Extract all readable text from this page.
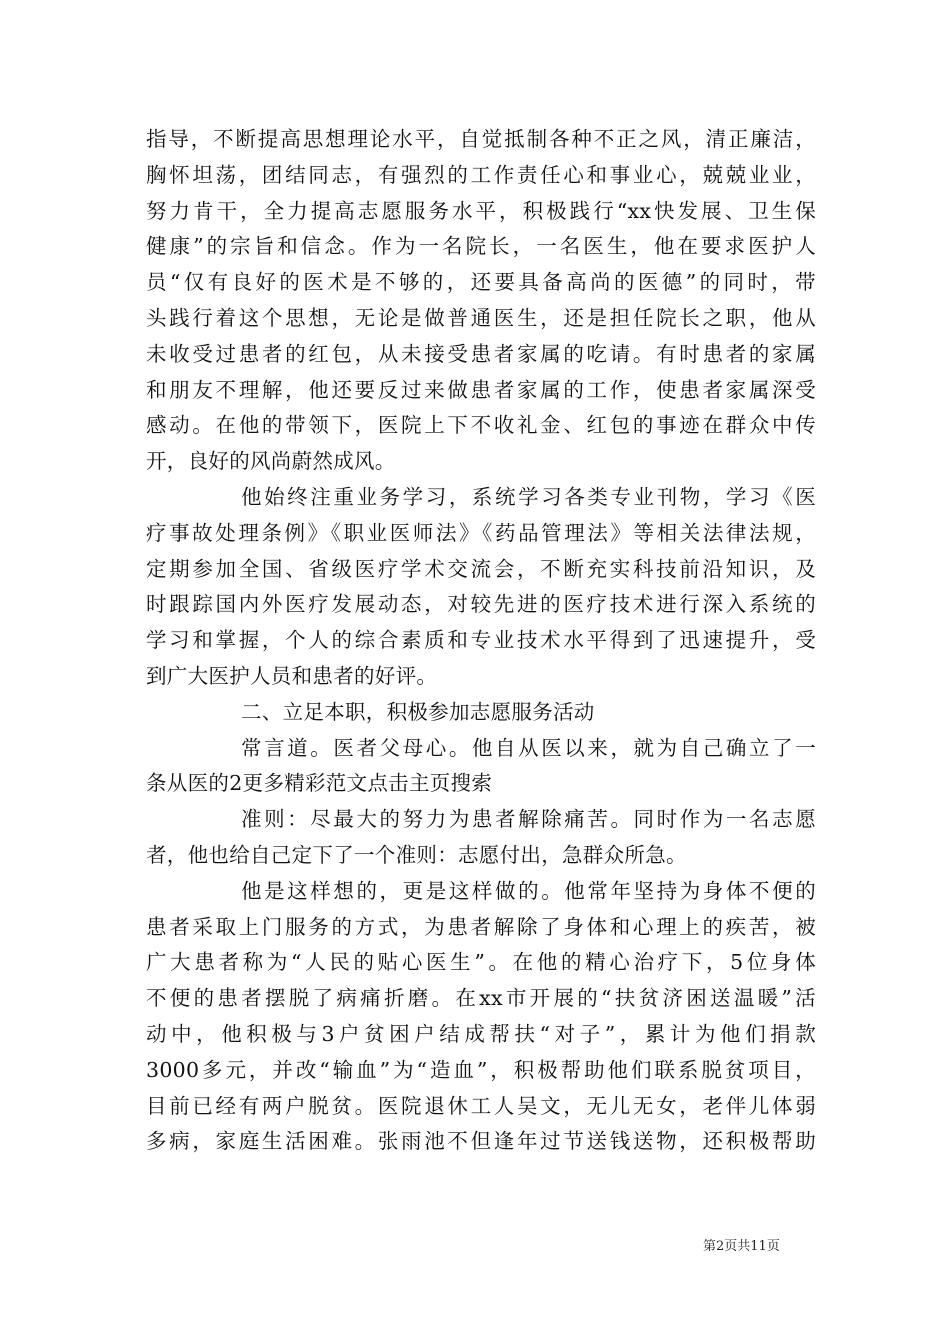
指导，不断提高思想理论水平，自觉抵制各种不正之风，清正廉洁，
胸怀坦荡，团结同志，有强烈的工作责任心和事业心，兢兢业业，
努力肯干，全力提高志愿服务水平，积极践行“xx快发展、卫生保
健康”的宗旨和信念。作为一名院长，一名医生，他在要求医护人
员“仅有良好的医术是不够的，还要具备高尚的医德”的同时，带
头践行着这个思想，无论是做普通医生，还是担任院长之职，他从
未收受过患者的红包，从未接受患者家属的吃请。有时患者的家属
和朋友不理解，他还要反过来做患者家属的工作，使患者家属深受
感动。在他的带领下，医院上下不收礼金、红包的事迹在群众中传
开，良好的风尚蔚然成风。

他始终注重业务学习，系统学习各类专业刊物，学习《医
疗事故处理条例》《职业医师法》《药品管理法》等相关法律法规，
定期参加全国、省级医疗学术交流会，不断充实科技前沿知识，及
时跟踪国内外医疗发展动态，对较先进的医疗技术进行深入系统的
学习和掌握，个人的综合素质和专业技术水平得到了迅速提升，受
到广大医护人员和患者的好评。

二、立足本职，积极参加志愿服务活动

常言道。医者父母心。他自从医以来，就为自己确立了一
条从医的2更多精彩范文点击主页搜索

准则：尽最大的努力为患者解除痛苦。同时作为一名志愿
者，他也给自己定下了一个准则：志愿付出，急群众所急。

他是这样想的，更是这样做的。他常年坚持为身体不便的
患者采取上门服务的方式，为患者解除了身体和心理上的疾苦，被
广大患者称为“人民的贴心医生”。在他的精心治疗下，5位身体
不便的患者摆脱了病痛折磨。在xx市开展的“扶贫济困送温暖”活
动中，他积极与3户贫困户结成帮扶“对子”，累计为他们捐款
3000多元，并改“输血”为“造血”，积极帮助他们联系脱贫项目，
目前已经有两户脱贫。医院退休工人吴文，无儿无女，老伴儿体弱
多病，家庭生活困难。张雨池不但逢年过节送钱送物，还积极帮助

第2页共11页
